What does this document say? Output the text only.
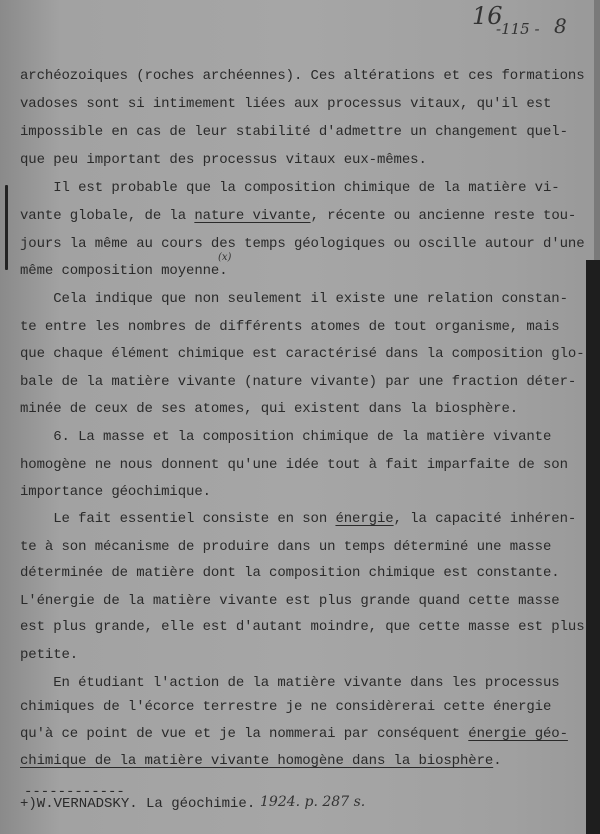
16
-115 - 8
(x)
archéozoiques (roches archéennes). Ces altérations et ces formations
vadoses sont si intimement liées aux processus vitaux, qu'il est
impossible en cas de leur stabilité d'admettre un changement quel-
que peu important des processus vitaux eux-mêmes.
Il est probable que la composition chimique de la matière vi-
vante globale, de la nature vivante, récente ou ancienne reste tou-
jours la même au cours des temps géologiques ou oscille autour d'une
même composition moyenne.
Cela indique que non seulement il existe une relation constan-
te entre les nombres de différents atomes de tout organisme, mais
que chaque élément chimique est caractérisé dans la composition glo-
bale de la matière vivante (nature vivante) par une fraction déter-
minée de ceux de ses atomes, qui existent dans la biosphère.
6. La masse et la composition chimique de la matière vivante
homogène ne nous donnent qu'une idée tout à fait imparfaite de son
importance géochimique.
Le fait essentiel consiste en son énergie, la capacité inhéren-
te à son mécanisme de produire dans un temps déterminé une masse
déterminée de matière dont la composition chimique est constante.
L'énergie de la matière vivante est plus grande quand cette masse
est plus grande, elle est d'autant moindre, que cette masse est plus
petite.
En étudiant l'action de la matière vivante dans les processus
chimiques de l'écorce terrestre je ne considèrerai cette énergie
qu'à ce point de vue et je la nommerai par conséquent énergie géo-
chimique de la matière vivante homogène dans la biosphère.
------------
+)W.VERNADSKY. La géochimie. 1924. p. 287 s.
